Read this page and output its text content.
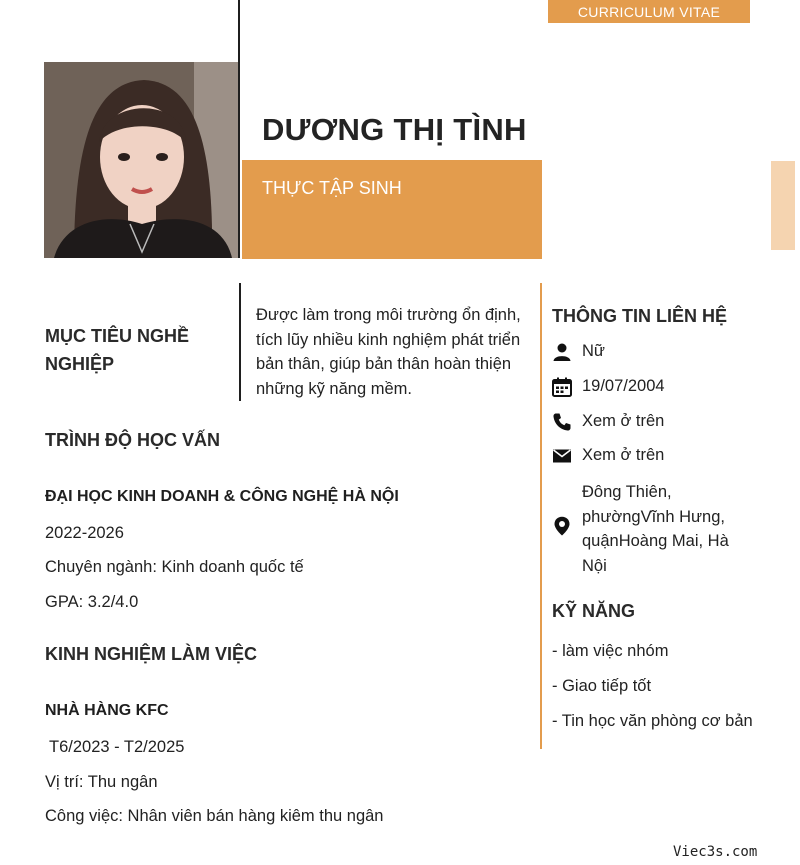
CURRICULUM VITAE
DƯƠNG THỊ TÌNH
THỰC TẬP SINH
MỤC TIÊU NGHỀ NGHIỆP
Được làm trong môi trường ổn định, tích lũy nhiều kinh nghiệm phát triển bản thân, giúp bản thân hoàn thiện những kỹ năng mềm.
TRÌNH ĐỘ HỌC VẤN
ĐẠI HỌC KINH DOANH & CÔNG NGHỆ HÀ NỘI
2022-2026
Chuyên ngành: Kinh doanh quốc tế
GPA: 3.2/4.0
KINH NGHIỆM LÀM VIỆC
NHÀ HÀNG KFC
T6/2023 - T2/2025
Vị trí: Thu ngân
Công việc: Nhân viên bán hàng kiêm thu ngân
THÔNG TIN LIÊN HỆ
Nữ
19/07/2004
Xem ở trên
Xem ở trên
Đông Thiên, phườngVĩnh Hưng, quậnHoàng Mai, Hà Nội
KỸ NĂNG
- làm việc nhóm
- Giao tiếp tốt
- Tin học văn phòng cơ bản
Viec3s.com
